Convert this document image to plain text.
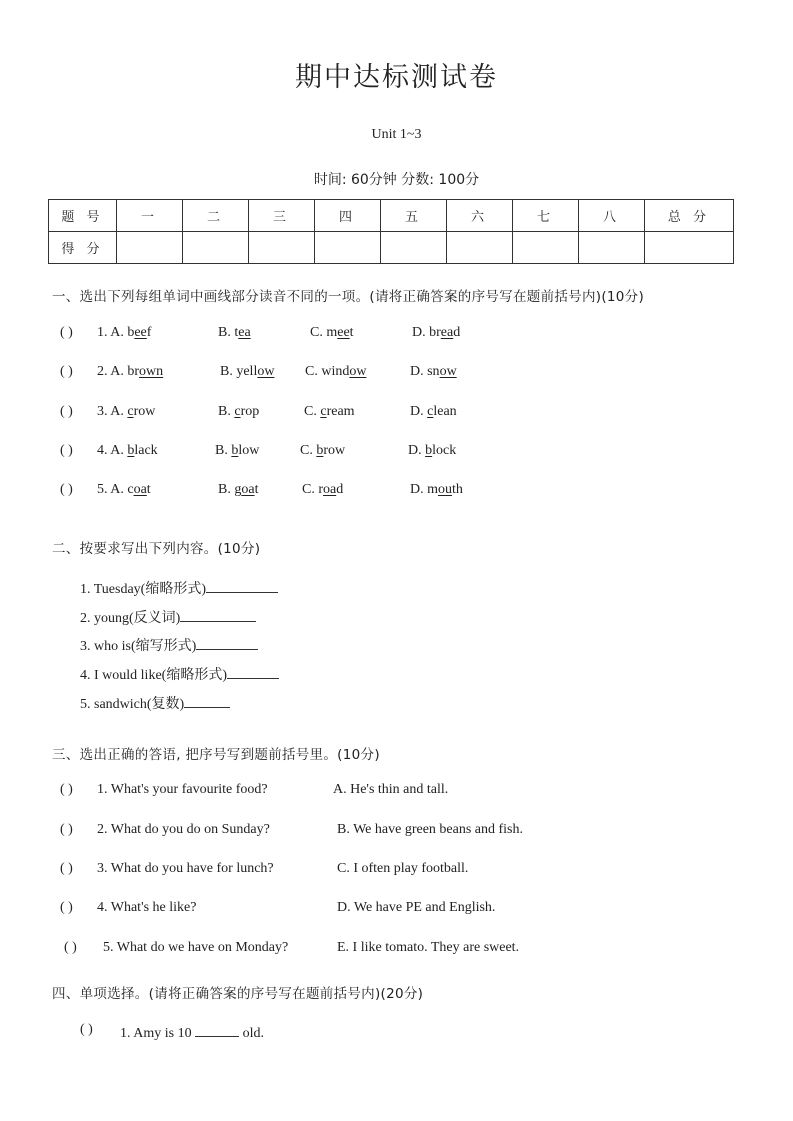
期中达标测试卷
Unit 1~3
时间: 60分钟 分数: 100分
题 号	一	二	三	四	五	六	七	八	总 分
得 分									
一、选出下列每组单词中画线部分读音不同的一项。(请将正确答案的序号写在题前括号内)(10分)
( ) 1. A. beef	B. tea	C. meet	D. bread
( ) 2. A. brown	B. yellow C. window	D. snow
( ) 3. A. crow	B. crop	C. cream	D. clean
( ) 4. A. black	B. blow	C. brow	D. block
( ) 5. A. coat	B. goat	C. road	D. mouth
二、按要求写出下列内容。(10分)
1. Tuesday(缩略形式)
2. young(反义词)
3. who is(缩写形式)
4. I would like(缩略形式)
5. sandwich(复数)
三、选出正确的答语, 把序号写到题前括号里。(10分)
( ) 1. What's your favourite food?	A. He's thin and tall.
( ) 2. What do you do on Sunday?	B. We have green beans and fish.
( ) 3. What do you have for lunch?	C. I often play football.
( ) 4. What's he like?	D. We have PE and English.
( ) 5. What do we have on Monday?	E. I like tomato. They are sweet.
四、单项选择。(请将正确答案的序号写在题前括号内)(20分)
( ) 1. Amy is 10	old.
